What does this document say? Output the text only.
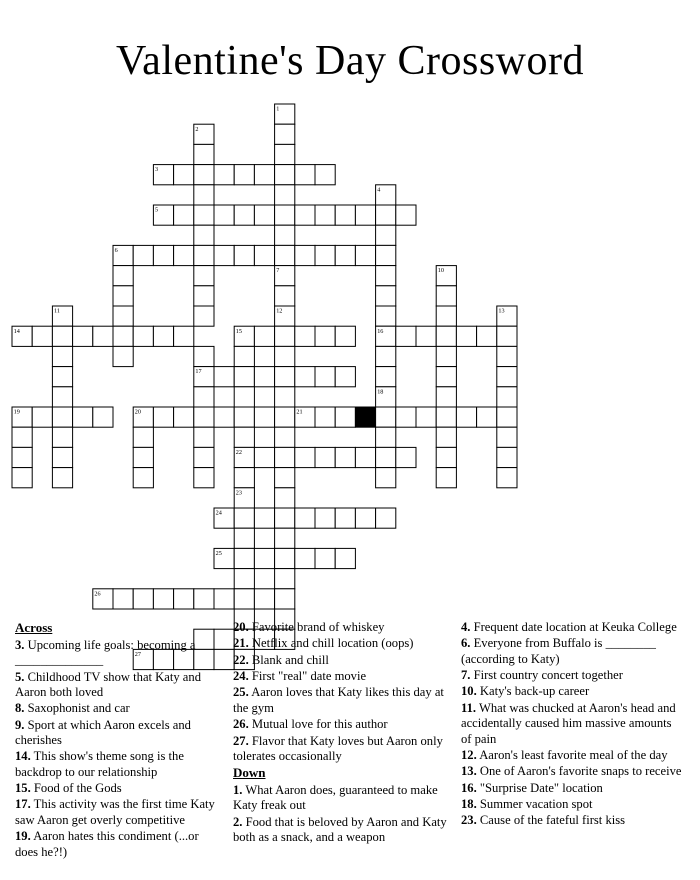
Valentine's Day Crossword
1
2
3
4
5
6
7	10
11	12	13
14	15	16
17
18
19	20	21
22
23
24
25
26
27
Across

3. Upcoming life goals: becoming a ______________

5. Childhood TV show that Katy and Aaron both loved

8. Saxophonist and car

9. Sport at which Aaron excels and cherishes

14. This show's theme song is the backdrop to our relationship

15. Food of the Gods

17. This activity was the first time Katy saw Aaron get overly competitive

19. Aaron hates this condiment (...or does he?!)

20. Favorite brand of whiskey

21. Netflix and chill location (oops)

22. Blank and chill

24. First "real" date movie

25. Aaron loves that Katy likes this day at the gym

26. Mutual love for this author

27. Flavor that Katy loves but Aaron only tolerates occasionally

Down

1. What Aaron does, guaranteed to make Katy freak out

2. Food that is beloved by Aaron and Katy both as a snack, and a weapon

4. Frequent date location at Keuka College

6. Everyone from Buffalo is ________ (according to Katy)

7. First country concert together

10. Katy's back-up career

11. What was chucked at Aaron's head and accidentally caused him massive amounts of pain

12. Aaron's least favorite meal of the day

13. One of Aaron's favorite snaps to receive

16. "Surprise Date" location

18. Summer vacation spot

23. Cause of the fateful first kiss
